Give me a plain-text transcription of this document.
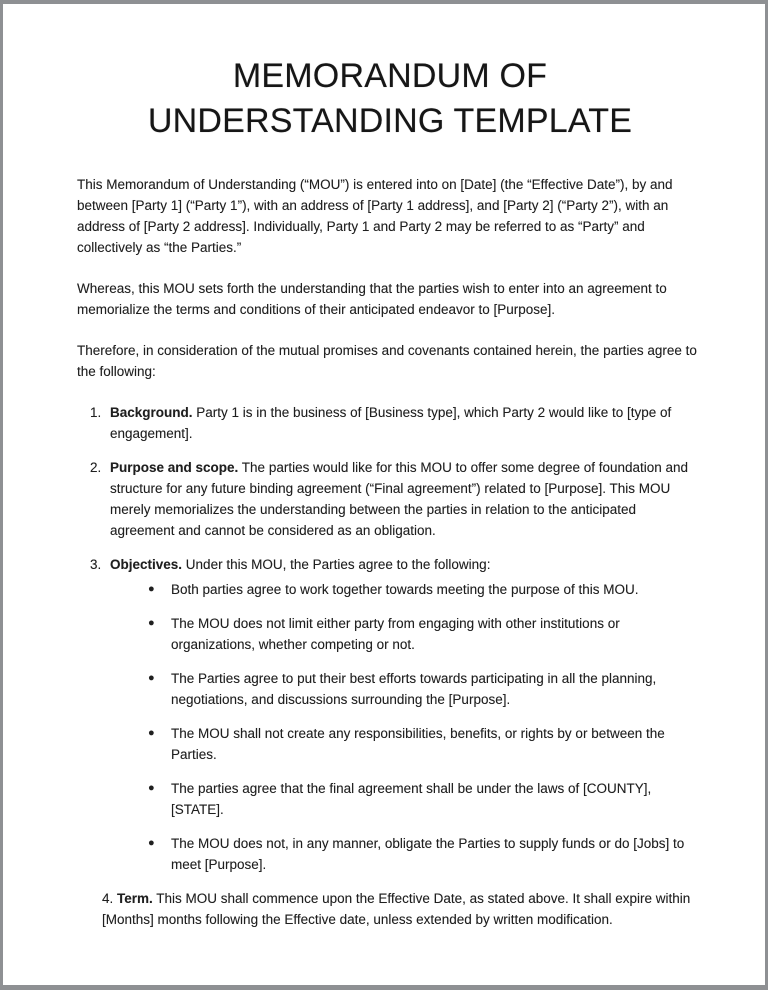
MEMORANDUM OF
UNDERSTANDING TEMPLATE

This Memorandum of Understanding (“MOU”) is entered into on [Date] (the “Effective Date”), by and between [Party 1] (“Party 1”), with an address of [Party 1 address], and [Party 2] (“Party 2”), with an address of [Party 2 address]. Individually, Party 1 and Party 2 may be referred to as “Party” and collectively as “the Parties.”

Whereas, this MOU sets forth the understanding that the parties wish to enter into an agreement to memorialize the terms and conditions of their anticipated endeavor to [Purpose].

Therefore, in consideration of the mutual promises and covenants contained herein, the parties agree to the following:

1. Background. Party 1 is in the business of [Business type], which Party 2 would like to [type of engagement].
2. Purpose and scope. The parties would like for this MOU to offer some degree of foundation and structure for any future binding agreement (“Final agreement”) related to [Purpose]. This MOU merely memorializes the understanding between the parties in relation to the anticipated agreement and cannot be considered as an obligation.
3. Objectives. Under this MOU, the Parties agree to the following:
●	Both parties agree to work together towards meeting the purpose of this MOU.
●	The MOU does not limit either party from engaging with other institutions or organizations, whether competing or not.
●	The Parties agree to put their best efforts towards participating in all the planning, negotiations, and discussions surrounding the [Purpose].
●	The MOU shall not create any responsibilities, benefits, or rights by or between the Parties.
●	The parties agree that the final agreement shall be under the laws of [COUNTY], [STATE].
●	The MOU does not, in any manner, obligate the Parties to supply funds or do [Jobs] to meet [Purpose].

4. Term. This MOU shall commence upon the Effective Date, as stated above. It shall expire within [Months] months following the Effective date, unless extended by written modification.
